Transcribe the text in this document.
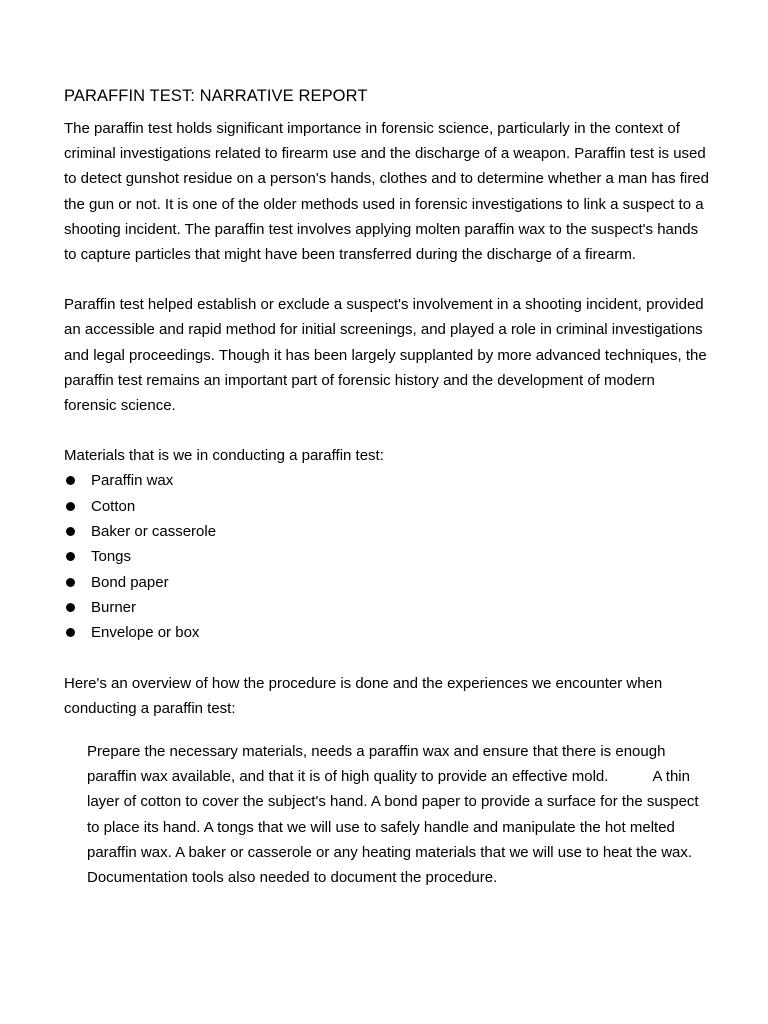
PARAFFIN TEST: NARRATIVE REPORT

The paraffin test holds significant importance in forensic science, particularly in the context of criminal investigations related to firearm use and the discharge of a weapon. Paraffin test is used to detect gunshot residue on a person's hands, clothes and to determine whether a man has fired the gun or not. It is one of the older methods used in forensic investigations to link a suspect to a shooting incident. The paraffin test involves applying molten paraffin wax to the suspect's hands to capture particles that might have been transferred during the discharge of a firearm.

Paraffin test helped establish or exclude a suspect's involvement in a shooting incident, provided an accessible and rapid method for initial screenings, and played a role in criminal investigations and legal proceedings. Though it has been largely supplanted by more advanced techniques, the paraffin test remains an important part of forensic history and the development of modern forensic science.

Materials that is we in conducting a paraffin test:

Paraffin wax
Cotton
Baker or casserole
Tongs
Bond paper
Burner
Envelope or box

Here's an overview of how the procedure is done and the experiences we encounter when conducting a paraffin test:

Prepare the necessary materials, needs a paraffin wax and ensure that there is enough paraffin wax available, and that it is of high quality to provide an effective mold.	A thin layer of cotton to cover the subject's hand. A bond paper to provide a surface for the suspect to place its hand. A tongs that we will use to safely handle and manipulate the hot melted paraffin wax. A baker or casserole or any heating materials that we will use to heat the wax. Documentation tools also needed to document the procedure.
